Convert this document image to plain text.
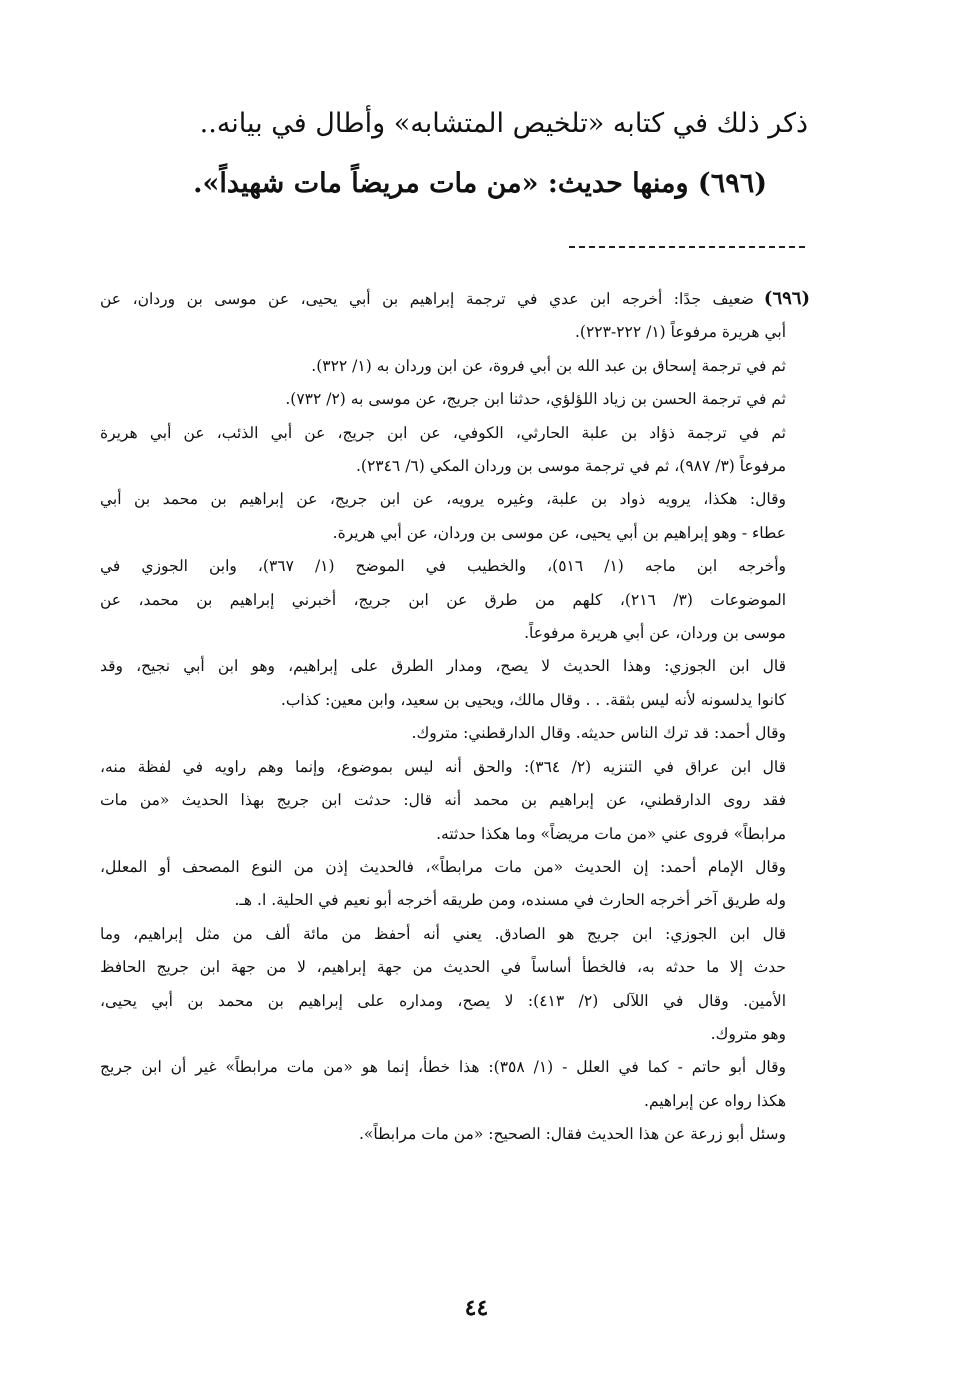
ذكر ذلك في كتابه «تلخيص المتشابه» وأطال في بيانه..
(٦٩٦) ومنها حديث: «من مات مريضاً مات شهيداً».
(٦٩٦)ضعيف جدًا: أخرجه ابن عدي في ترجمة إبراهيم بن أبي يحيى، عن موسى بن وردان، عن
أبي هريرة مرفوعاً (١/ ٢٢٢-٢٢٣).
ثم في ترجمة إسحاق بن عبد الله بن أبي فروة، عن ابن وردان به (١/ ٣٢٢).
ثم في ترجمة الحسن بن زياد اللؤلؤي، حدثنا ابن جريج، عن موسى به (٢/ ٧٣٢).
ثم في ترجمة ذؤاد بن علبة الحارثي، الكوفي، عن ابن جريج، عن أبي الذئب، عن أبي هريرة
مرفوعاً (٣/ ٩٨٧)، ثم في ترجمة موسى بن وردان المكي (٦/ ٢٣٤٦).
وقال: هكذا، يرويه ذواد بن علبة، وغيره يرويه، عن ابن جريج، عن إبراهيم بن محمد بن أبي
عطاء - وهو إبراهيم بن أبي يحيى، عن موسى بن وردان، عن أبي هريرة.
وأخرجه ابن ماجه (١/ ٥١٦)، والخطيب في الموضح (١/ ٣٦٧)، وابن الجوزي في
الموضوعات (٣/ ٢١٦)، كلهم من طرق عن ابن جريج، أخبرني إبراهيم بن محمد، عن
موسى بن وردان، عن أبي هريرة مرفوعاً.
قال ابن الجوزي: وهذا الحديث لا يصح، ومدار الطرق على إبراهيم، وهو ابن أبي نجيح، وقد
كانوا يدلسونه لأنه ليس بثقة. . . وقال مالك، ويحيى بن سعيد، وابن معين: كذاب.
وقال أحمد: قد ترك الناس حديثه. وقال الدارقطني: متروك.
قال ابن عراق في التنزيه (٢/ ٣٦٤): والحق أنه ليس بموضوع، وإنما وهم راويه في لفظة منه،
فقد روى الدارقطني، عن إبراهيم بن محمد أنه قال: حدثت ابن جريج بهذا الحديث «من مات
مرابطاً» فروى عني «من مات مريضاً» وما هكذا حدثته.
وقال الإمام أحمد: إن الحديث «من مات مرابطاً»، فالحديث إذن من النوع المصحف أو المعلل،
وله طريق آخر أخرجه الحارث في مسنده، ومن طريقه أخرجه أبو نعيم في الحلية. ا. هـ.
قال ابن الجوزي: ابن جريج هو الصادق. يعني أنه أحفظ من مائة ألف من مثل إبراهيم، وما
حدث إلا ما حدثه به، فالخطأ أساساً في الحديث من جهة إبراهيم، لا من جهة ابن جريج الحافظ
الأمين. وقال في اللآلى (٢/ ٤١٣): لا يصح، ومداره على إبراهيم بن محمد بن أبي يحيى،
وهو متروك.
وقال أبو حاتم - كما في العلل - (١/ ٣٥٨): هذا خطأ، إنما هو «من مات مرابطاً» غير أن ابن جريج
هكذا رواه عن إبراهيم.
وسئل أبو زرعة عن هذا الحديث فقال: الصحيح: «من مات مرابطاً».
٤٤
